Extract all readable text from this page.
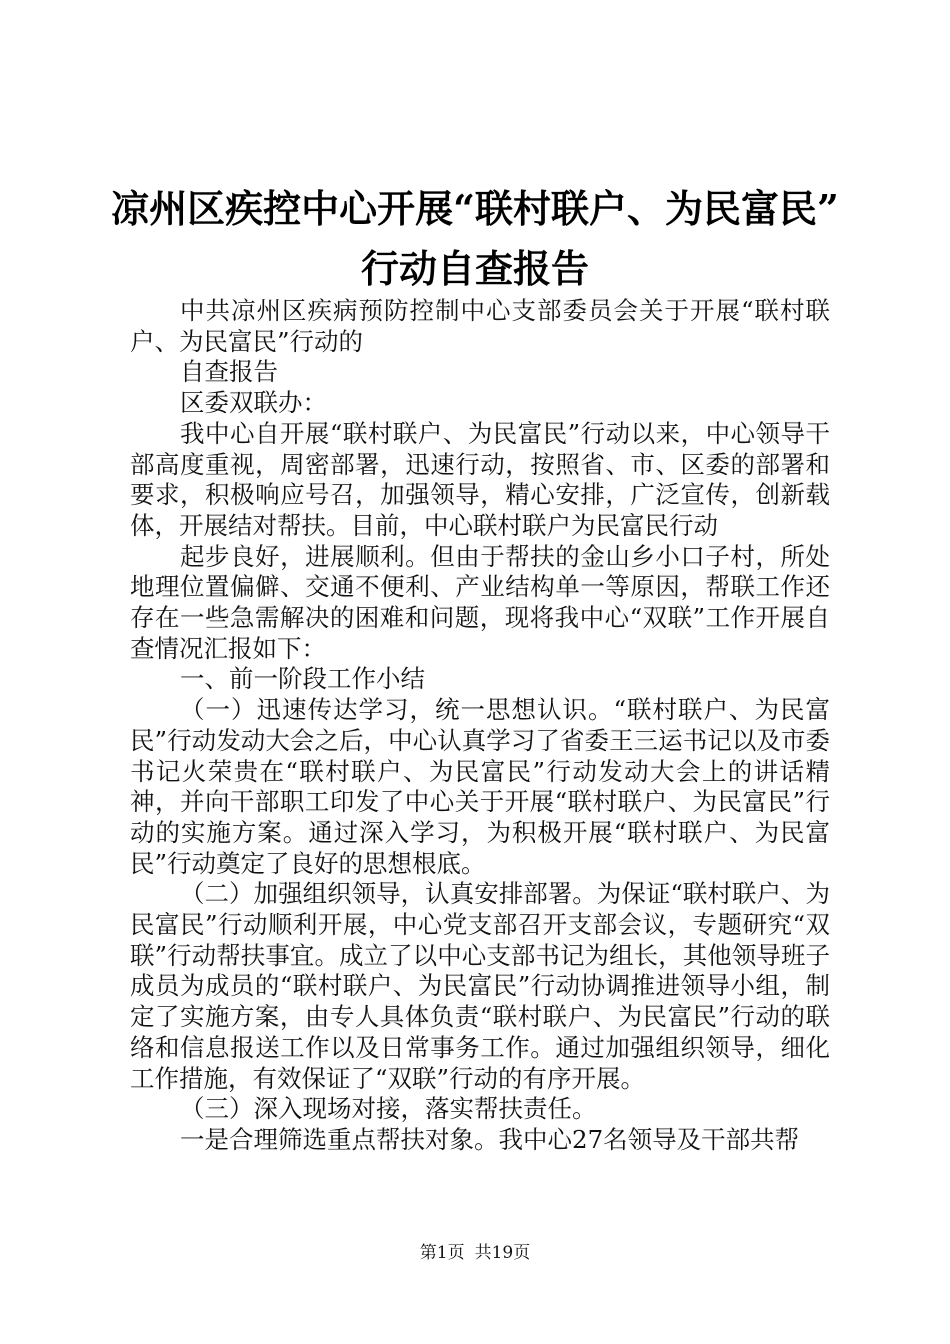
凉州区疾控中心开展“联村联户、为民富民”
行动自查报告

中共凉州区疾病预防控制中心支部委员会关于开展“联村联户、为民富民”行动的

自查报告

区委双联办：

我中心自开展“联村联户、为民富民”行动以来，中心领导干部高度重视，周密部署，迅速行动，按照省、市、区委的部署和要求，积极响应号召，加强领导，精心安排，广泛宣传，创新载体，开展结对帮扶。目前，中心联村联户为民富民行动

起步良好，进展顺利。但由于帮扶的金山乡小口子村，所处地理位置偏僻、交通不便利、产业结构单一等原因，帮联工作还存在一些急需解决的困难和问题，现将我中心“双联”工作开展自查情况汇报如下：

一、前一阶段工作小结

（一）迅速传达学习，统一思想认识。“联村联户、为民富民”行动发动大会之后，中心认真学习了省委王三运书记以及市委书记火荣贵在“联村联户、为民富民”行动发动大会上的讲话精神，并向干部职工印发了中心关于开展“联村联户、为民富民”行动的实施方案。通过深入学习，为积极开展“联村联户、为民富民”行动奠定了良好的思想根底。

（二）加强组织领导，认真安排部署。为保证“联村联户、为民富民”行动顺利开展，中心党支部召开支部会议，专题研究“双联”行动帮扶事宜。成立了以中心支部书记为组长，其他领导班子成员为成员的“联村联户、为民富民”行动协调推进领导小组，制定了实施方案，由专人具体负责“联村联户、为民富民”行动的联络和信息报送工作以及日常事务工作。通过加强组织领导，细化工作措施，有效保证了“双联”行动的有序开展。

（三）深入现场对接，落实帮扶责任。

一是合理筛选重点帮扶对象。我中心27名领导及干部共帮

第1页 共19页
